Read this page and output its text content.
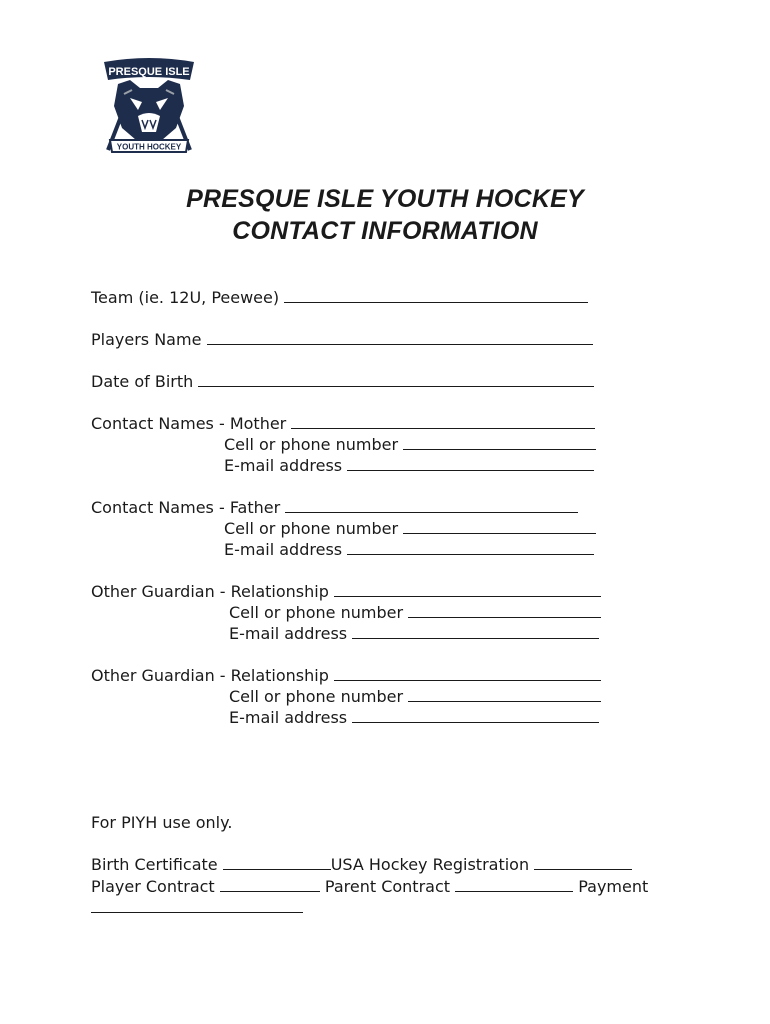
PRESQUE ISLE
YOUTH HOCKEY
PRESQUE ISLE YOUTH HOCKEY
CONTACT INFORMATION
Team (ie. 12U, Peewee)
Players Name
Date of Birth
Contact Names - Mother
Cell or phone number
E-mail address
Contact Names - Father
Cell or phone number
E-mail address
Other Guardian - Relationship
Cell or phone number
E-mail address
Other Guardian - Relationship
Cell or phone number
E-mail address
For PIYH use only.
Birth Certificate	USA Hockey Registration
Player Contract	Parent Contract	Payment
